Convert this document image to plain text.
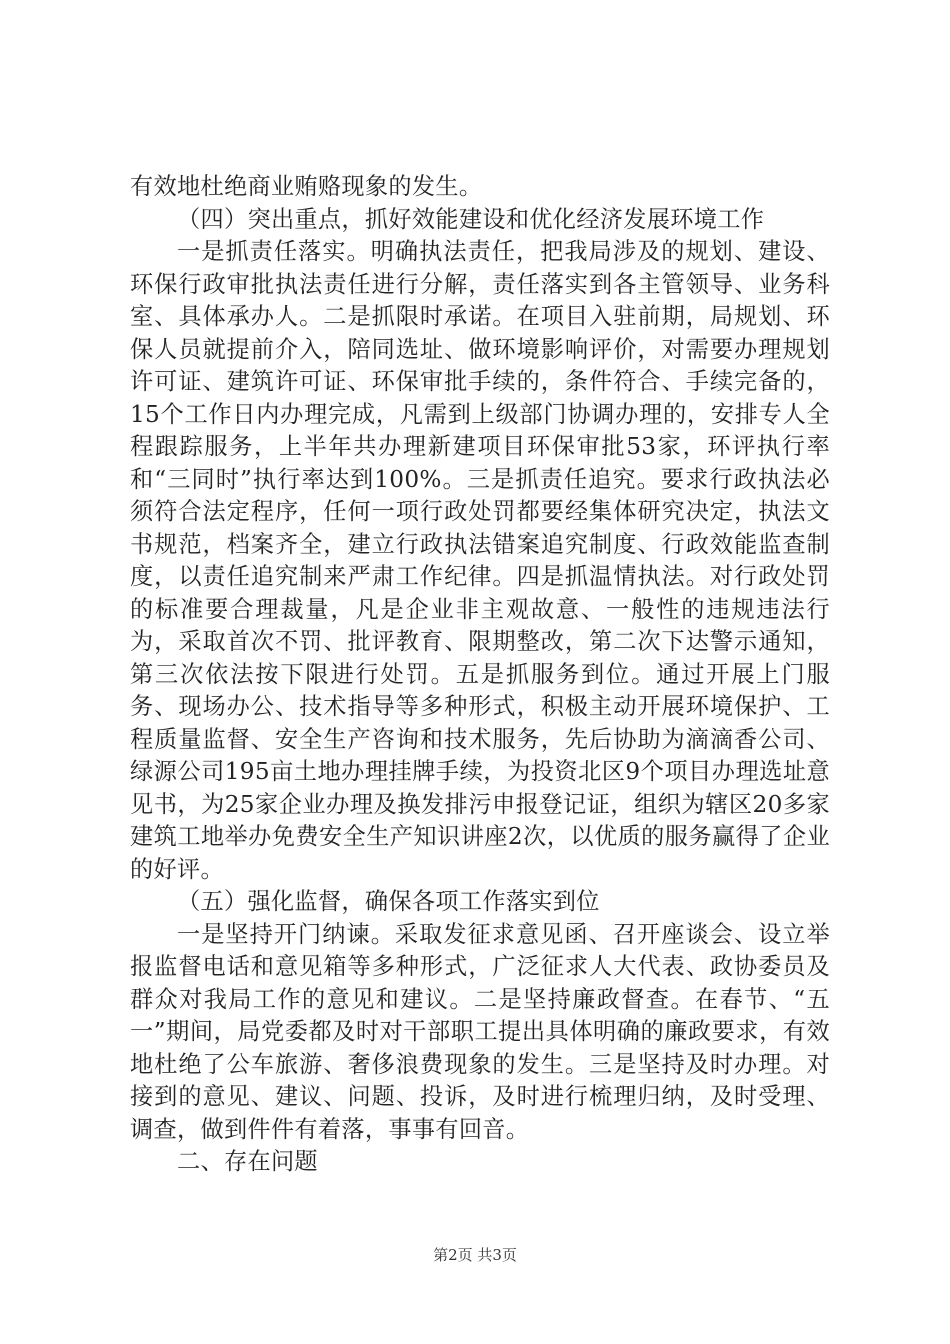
有效地杜绝商业贿赂现象的发生。

（四）突出重点，抓好效能建设和优化经济发展环境工作

一是抓责任落实。明确执法责任，把我局涉及的规划、建设、环保行政审批执法责任进行分解，责任落实到各主管领导、业务科室、具体承办人。二是抓限时承诺。在项目入驻前期，局规划、环保人员就提前介入，陪同选址、做环境影响评价，对需要办理规划许可证、建筑许可证、环保审批手续的，条件符合、手续完备的，15个工作日内办理完成，凡需到上级部门协调办理的，安排专人全程跟踪服务，上半年共办理新建项目环保审批53家，环评执行率和“三同时”执行率达到100%。三是抓责任追究。要求行政执法必须符合法定程序，任何一项行政处罚都要经集体研究决定，执法文书规范，档案齐全，建立行政执法错案追究制度、行政效能监查制度，以责任追究制来严肃工作纪律。四是抓温情执法。对行政处罚的标准要合理裁量，凡是企业非主观故意、一般性的违规违法行为，采取首次不罚、批评教育、限期整改，第二次下达警示通知，第三次依法按下限进行处罚。五是抓服务到位。通过开展上门服务、现场办公、技术指导等多种形式，积极主动开展环境保护、工程质量监督、安全生产咨询和技术服务，先后协助为滴滴香公司、绿源公司195亩土地办理挂牌手续，为投资北区9个项目办理选址意见书，为25家企业办理及换发排污申报登记证，组织为辖区20多家建筑工地举办免费安全生产知识讲座2次，以优质的服务赢得了企业的好评。

（五）强化监督，确保各项工作落实到位

一是坚持开门纳谏。采取发征求意见函、召开座谈会、设立举报监督电话和意见箱等多种形式，广泛征求人大代表、政协委员及群众对我局工作的意见和建议。二是坚持廉政督查。在春节、“五一”期间，局党委都及时对干部职工提出具体明确的廉政要求，有效地杜绝了公车旅游、奢侈浪费现象的发生。三是坚持及时办理。对接到的意见、建议、问题、投诉，及时进行梳理归纳，及时受理、调查，做到件件有着落，事事有回音。

二、存在问题

第2页 共3页
